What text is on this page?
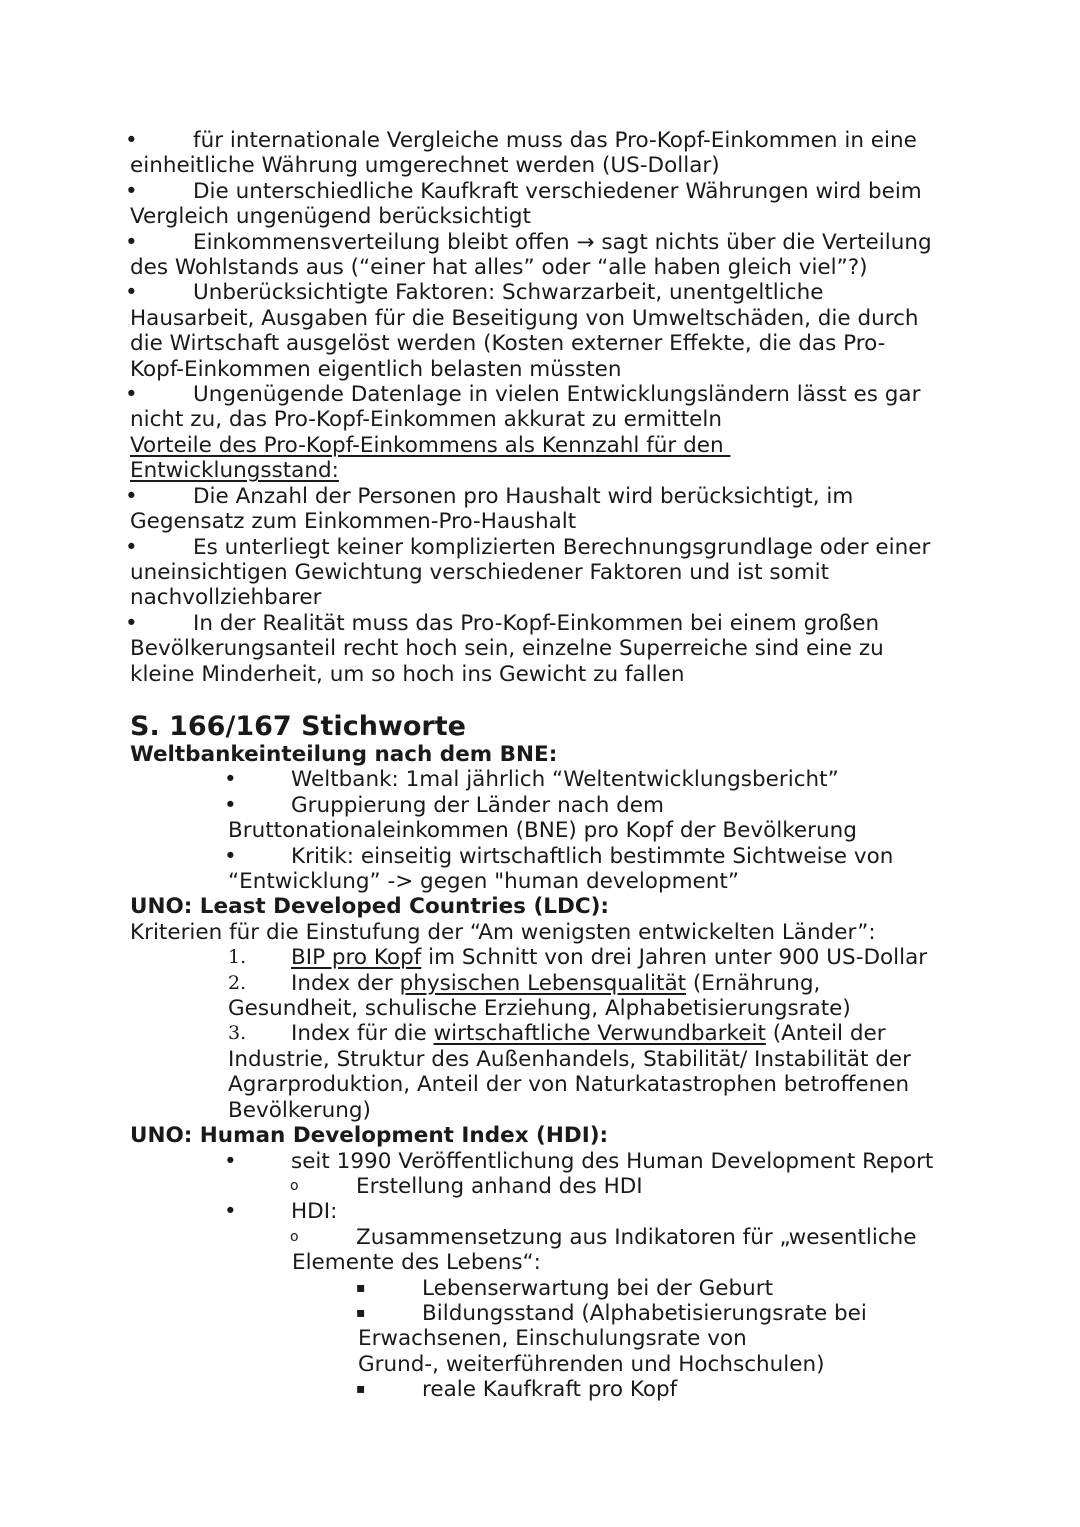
•	für internationale Vergleiche muss das Pro-Kopf-Einkommen in eine
einheitliche Währung umgerechnet werden (US-Dollar)
•	Die unterschiedliche Kaufkraft verschiedener Währungen wird beim
Vergleich ungenügend berücksichtigt
•	Einkommensverteilung bleibt offen → sagt nichts über die Verteilung
des Wohlstands aus (“einer hat alles” oder “alle haben gleich viel”?)
•	Unberücksichtigte Faktoren: Schwarzarbeit, unentgeltliche
Hausarbeit, Ausgaben für die Beseitigung von Umweltschäden, die durch
die Wirtschaft ausgelöst werden (Kosten externer Effekte, die das Pro-
Kopf-Einkommen eigentlich belasten müssten
•	Ungenügende Datenlage in vielen Entwicklungsländern lässt es gar
nicht zu, das Pro-Kopf-Einkommen akkurat zu ermitteln
Vorteile des Pro-Kopf-Einkommens als Kennzahl für den
Entwicklungsstand:
•	Die Anzahl der Personen pro Haushalt wird berücksichtigt, im
Gegensatz zum Einkommen-Pro-Haushalt
•	Es unterliegt keiner komplizierten Berechnungsgrundlage oder einer
uneinsichtigen Gewichtung verschiedener Faktoren und ist somit
nachvollziehbarer
•	In der Realität muss das Pro-Kopf-Einkommen bei einem großen
Bevölkerungsanteil recht hoch sein, einzelne Superreiche sind eine zu
kleine Minderheit, um so hoch ins Gewicht zu fallen
S. 166/167 Stichworte
Weltbankeinteilung nach dem BNE:
•	Weltbank: 1mal jährlich “Weltentwicklungsbericht”
•	Gruppierung der Länder nach dem
Bruttonationaleinkommen (BNE) pro Kopf der Bevölkerung
•	Kritik: einseitig wirtschaftlich bestimmte Sichtweise von
“Entwicklung” -> gegen "human development”
UNO: Least Developed Countries (LDC):
Kriterien für die Einstufung der “Am wenigsten entwickelten Länder”:
1. BIP pro Kopf im Schnitt von drei Jahren unter 900 US-Dollar
2. Index der physischen Lebensqualität (Ernährung,
Gesundheit, schulische Erziehung, Alphabetisierungsrate)
3. Index für die wirtschaftliche Verwundbarkeit (Anteil der
Industrie, Struktur des Außenhandels, Stabilität/ Instabilität der
Agrarproduktion, Anteil der von Naturkatastrophen betroffenen
Bevölkerung)
UNO: Human Development Index (HDI):
•	seit 1990 Veröffentlichung des Human Development Report
o	Erstellung anhand des HDI
•	HDI:
o	Zusammensetzung aus Indikatoren für „wesentliche
Elemente des Lebens“:
▪	Lebenserwartung bei der Geburt
▪	Bildungsstand (Alphabetisierungsrate bei
Erwachsenen, Einschulungsrate von
Grund-, weiterführenden und Hochschulen)
▪	reale Kaufkraft pro Kopf
